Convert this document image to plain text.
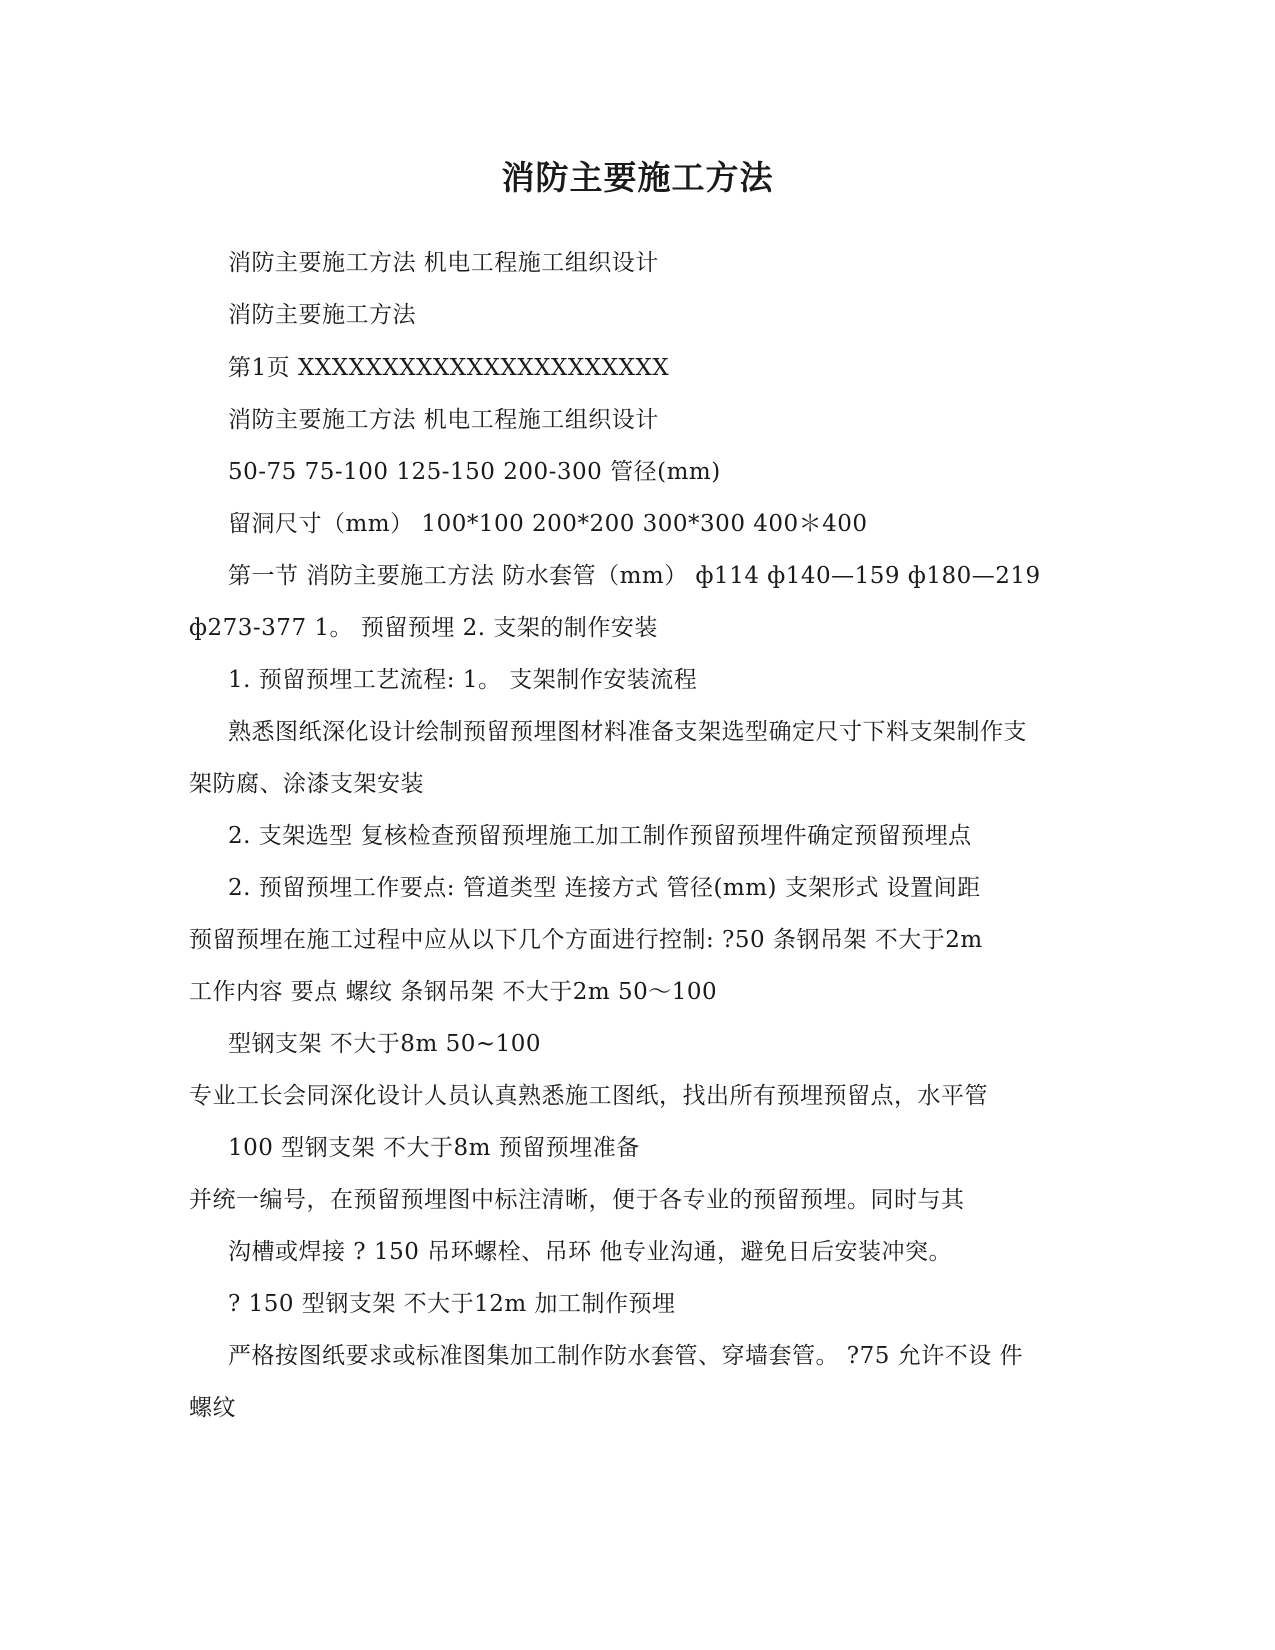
消防主要施工方法
消防主要施工方法 机电工程施工组织设计
消防主要施工方法
第1页 XXXXXXXXXXXXXXXXXXXXXX
消防主要施工方法 机电工程施工组织设计
50-75 75-100 125-150 200-300 管径(mm)
留洞尺寸（mm） 100*100 200*200 300*300 400＊400
第一节 消防主要施工方法 防水套管（mm） ф114 ф140—159 ф180—219
ф273-377 1。 预留预埋 2. 支架的制作安装
1. 预留预埋工艺流程: 1。 支架制作安装流程
熟悉图纸深化设计绘制预留预埋图材料准备支架选型确定尺寸下料支架制作支
架防腐、涂漆支架安装
2. 支架选型 复核检查预留预埋施工加工制作预留预埋件确定预留预埋点
2. 预留预埋工作要点: 管道类型 连接方式 管径(mm) 支架形式 设置间距
预留预埋在施工过程中应从以下几个方面进行控制: ?50 条钢吊架 不大于2m
工作内容 要点 螺纹 条钢吊架 不大于2m 50～100
型钢支架 不大于8m 50~100
专业工长会同深化设计人员认真熟悉施工图纸，找出所有预埋预留点，水平管
100 型钢支架 不大于8m 预留预埋准备
并统一编号，在预留预埋图中标注清晰，便于各专业的预留预埋。同时与其
沟槽或焊接 ? 150 吊环螺栓、吊环 他专业沟通，避免日后安装冲突。
? 150 型钢支架 不大于12m 加工制作预埋
严格按图纸要求或标准图集加工制作防水套管、穿墙套管。 ?75 允许不设 件
螺纹
